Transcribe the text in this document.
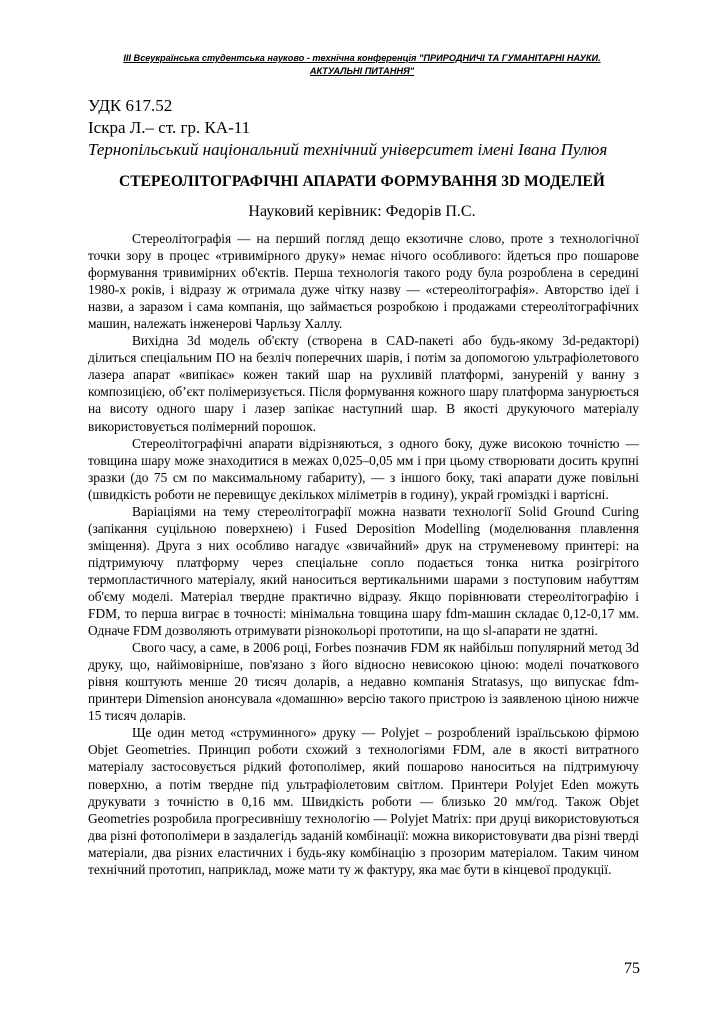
ІІІ Всеукраїнська студентська науково - технічна конференція "ПРИРОДНИЧІ ТА ГУМАНІТАРНІ НАУКИ.
АКТУАЛЬНІ ПИТАННЯ"
УДК 617.52
Іскра Л.– ст. гр. КА-11
Тернопільський національний технічний університет імені Івана Пулюя
СТЕРЕОЛІТОГРАФІЧНІ АПАРАТИ ФОРМУВАННЯ 3D МОДЕЛЕЙ
Науковий керівник: Федорів П.С.

Стереолітографія — на перший погляд дещо екзотичне слово, проте з технологічної точки зору в процес «тривимірного друку» немає нічого особливого: йдеться про пошарове формування тривимірних об'єктів. Перша технологія такого роду була розроблена в середині 1980-х років, і відразу ж отримала дуже чітку назву — «стереолітографія». Авторство ідеї і назви, а заразом і сама компанія, що займається розробкою і продажами стереолітографічних машин, належать інженерові Чарльзу Халлу.

Вихідна 3d модель об'єкту (створена в CAD-пакеті або будь-якому 3d-редакторі) ділиться спеціальним ПО на безліч поперечних шарів, і потім за допомогою ультрафіолетового лазера апарат «випікає» кожен такий шар на рухливій платформі, зануреній у ванну з композицією, об’єкт полімеризується. Після формування кожного шару платформа занурюється на висоту одного шару і лазер запікає наступний шар. В якості друкуючого матеріалу використовується полімерний порошок.

Стереолітографічні апарати відрізняються, з одного боку, дуже високою точністю — товщина шару може знаходитися в межах 0,025–0,05 мм і при цьому створювати досить крупні зразки (до 75 см по максимальному габариту), — з іншого боку, такі апарати дуже повільні (швидкість роботи не перевищує декількох міліметрів в годину), украй громіздкі і вартісні.

Варіаціями на тему стереолітографії можна назвати технології Solid Ground Curing (запікання суцільною поверхнею) і Fused Deposition Modelling (моделювання плавлення зміщення). Друга з них особливо нагадує «звичайний» друк на струменевому принтері: на підтримуючу платформу через спеціальне сопло подається тонка нитка розігрітого термопластичного матеріалу, який наноситься вертикальними шарами з поступовим набуттям об'єму моделі. Матеріал твердне практично відразу. Якщо порівнювати стереолітографію і FDM, то перша виграє в точності: мінімальна товщина шару fdm-машин складає 0,12-0,17 мм. Одначе FDM дозволяють отримувати різнокольорі прототипи, на що sl-апарати не здатні.

Свого часу, а саме, в 2006 році, Forbes позначив FDM як найбільш популярний метод 3d друку, що, найімовірніше, пов'язано з його відносно невисокою ціною: моделі початкового рівня коштують менше 20 тисяч доларів, а недавно компанія Stratasys, що випускає fdm-принтери Dimension анонсувала «домашню» версію такого пристрою із заявленою ціною нижче 15 тисяч доларів.

Ще один метод «струминного» друку — Polyjet – розроблений ізраїльською фірмою Objet Geometries. Принцип роботи схожий з технологіями FDM, але в якості витратного матеріалу застосовується рідкий фотополімер, який пошарово наноситься на підтримуючу поверхню, а потім твердне під ультрафіолетовим світлом. Принтери Polyjet Eden можуть друкувати з точністю в 0,16 мм. Швидкість роботи — близько 20 мм/год. Також Objet Geometries розробила прогресивнішу технологію — Polyjet Matrix: при друці використовуються два різні фотополімери в заздалегідь заданій комбінації: можна використовувати два різні тверді матеріали, два різних еластичних і будь-яку комбінацію з прозорим матеріалом. Таким чином технічний прототип, наприклад, може мати ту ж фактуру, яка має бути в кінцевої продукції.

75
